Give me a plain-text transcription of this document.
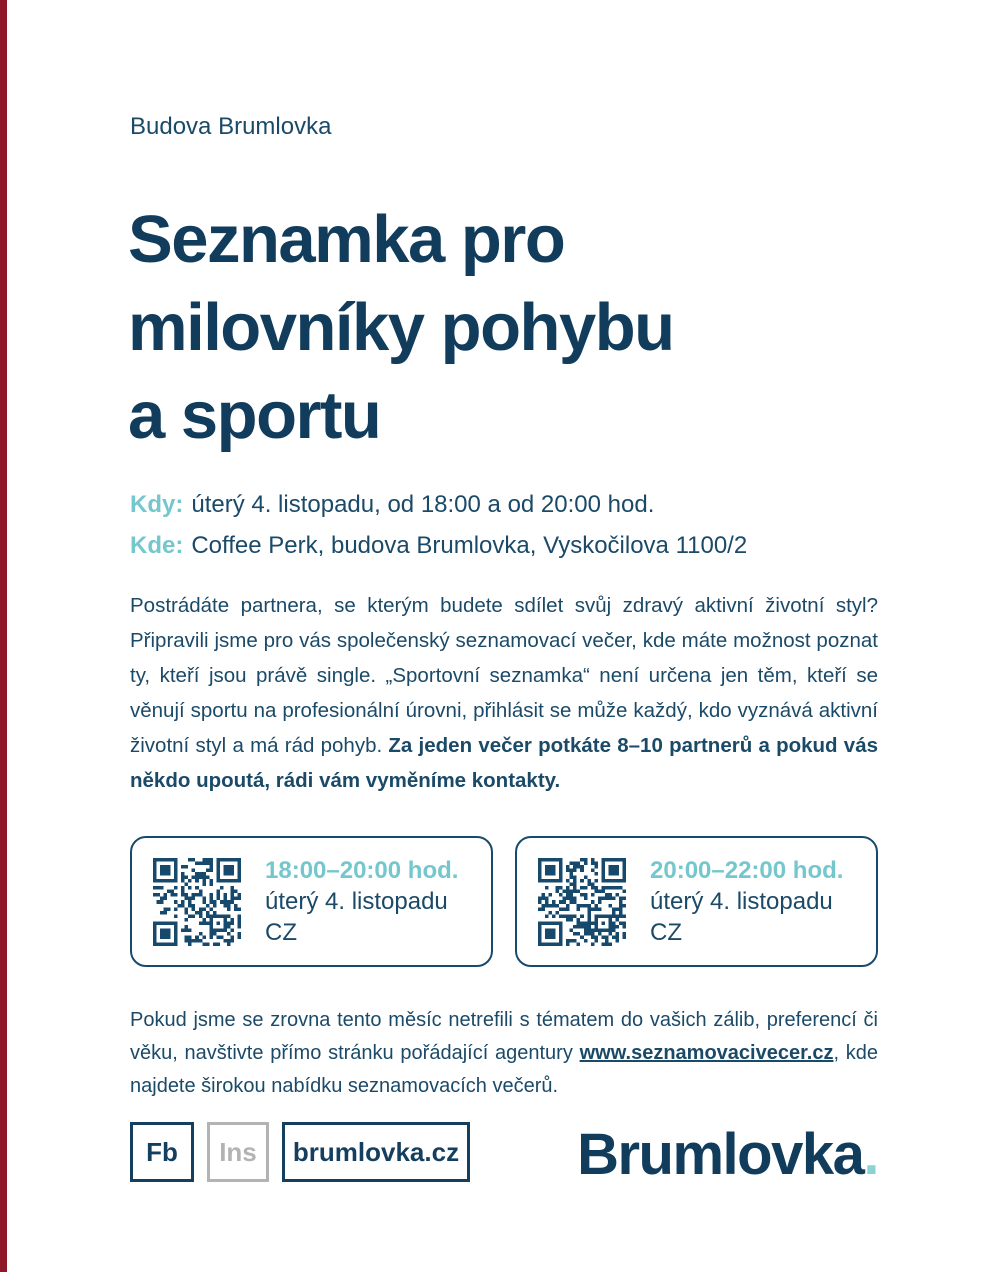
Budova Brumlovka
Seznamka pro
milovníky pohybu
a sportu
Kdy: úterý 4. listopadu, od 18:00 a od 20:00 hod.
Kde: Coffee Perk, budova Brumlovka, Vyskočilova 1100/2

Postrádáte partnera, se kterým budete sdílet svůj zdravý aktivní životní styl? Připravili jsme pro vás společenský seznamovací večer, kde máte možnost poznat ty, kteří jsou právě single. „Sportovní seznamka“ není určena jen těm, kteří se věnují sportu na profesionální úrovni, přihlásit se může každý, kdo vyznává aktivní životní styl a má rád pohyb. Za jeden večer potkáte 8–10 partnerů a pokud vás někdo upoutá, rádi vám vyměníme kontakty.

18:00–20:00 hod.
úterý 4. listopadu
CZ
20:00–22:00 hod.
úterý 4. listopadu
CZ

Pokud jsme se zrovna tento měsíc netrefili s tématem do vašich zálib, preferencí či věku, navštivte přímo stránku pořádající agentury www.seznamovacivecer.cz, kde najdete širokou nabídku seznamovacích večerů.

Fb	Ins	brumlovka.cz Brumlovka.
